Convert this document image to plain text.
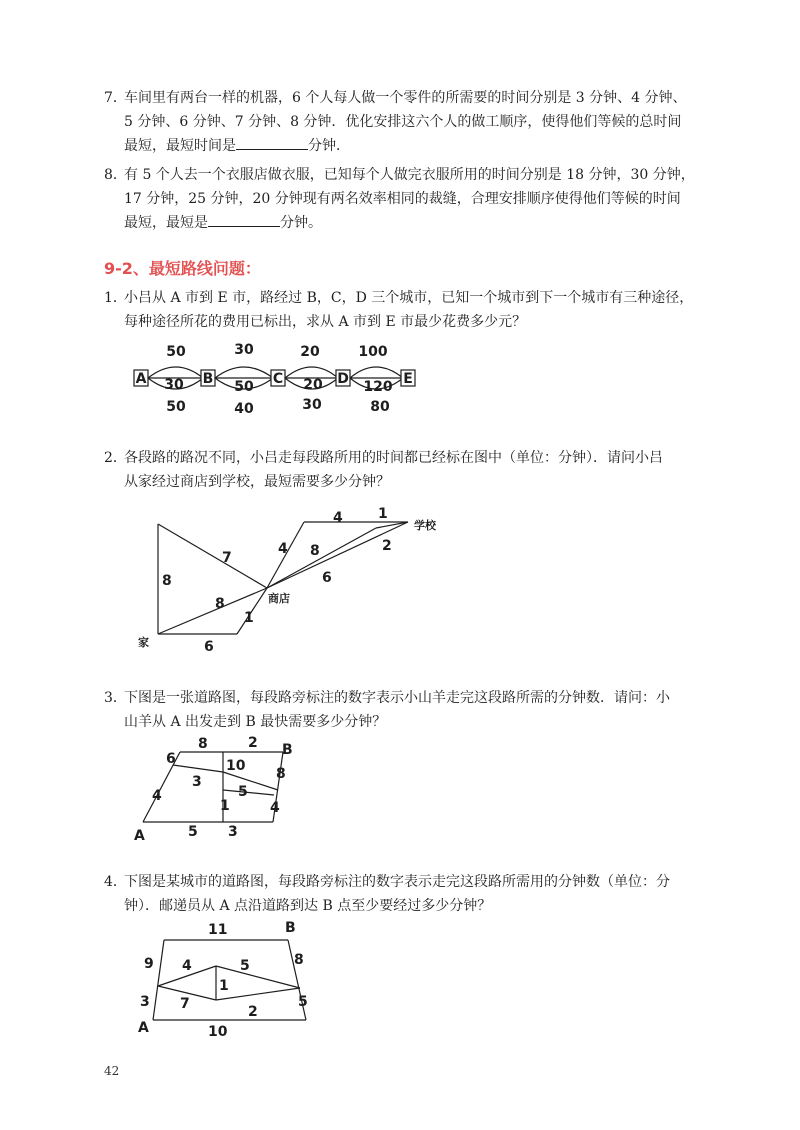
7．
车间里有两台一样的机器，6 个人每人做一个零件的所需要的时间分别是 3 分钟、4 分钟、
5 分钟、6 分钟、7 分钟、8 分钟．优化安排这六个人的做工顺序，使得他们等候的总时间
最短，最短时间是	分钟．
8．
有 5 个人去一个衣服店做衣服，已知每个人做完衣服所用的时间分别是 18 分钟，30 分钟，
17 分钟，25 分钟，20 分钟现有两名效率相同的裁缝，合理安排顺序使得他们等候的时间
最短，最短是	分钟。
9-2、最短路线问题：
1．
小吕从 A 市到 E 市，路经过 B，C，D 三个城市，已知一个城市到下一个城市有三种途径，
每种途径所花的费用已标出，求从 A 市到 E 市最少花费多少元？
A	B	C	D	E
50	30	20	100
30	50	20	120
50	40	30	80
2．
各段路的路况不同，小吕走每段路所用的时间都已经标在图中（单位：分钟）．请问小吕
从家经过商店到学校，最短需要多少分钟？
家
商店
学校
8
7
8
6
1
4 8
4	1
2
6
3．
下图是一张道路图，每段路旁标注的数字表示小山羊走完这段路所需的分钟数．请问：小
山羊从 A 出发走到 B 最快需要多少分钟？
A
B
8	2
6
4
3
10
1
5
8
4
5 3
4．
下图是某城市的道路图，每段路旁标注的数字表示走完这段路所需用的分钟数（单位：分
钟）．邮递员从 A 点沿道路到达 B 点至少要经过多少分钟？
A
B
11
10
9
3
8
5
4	5
7	2
1
42
